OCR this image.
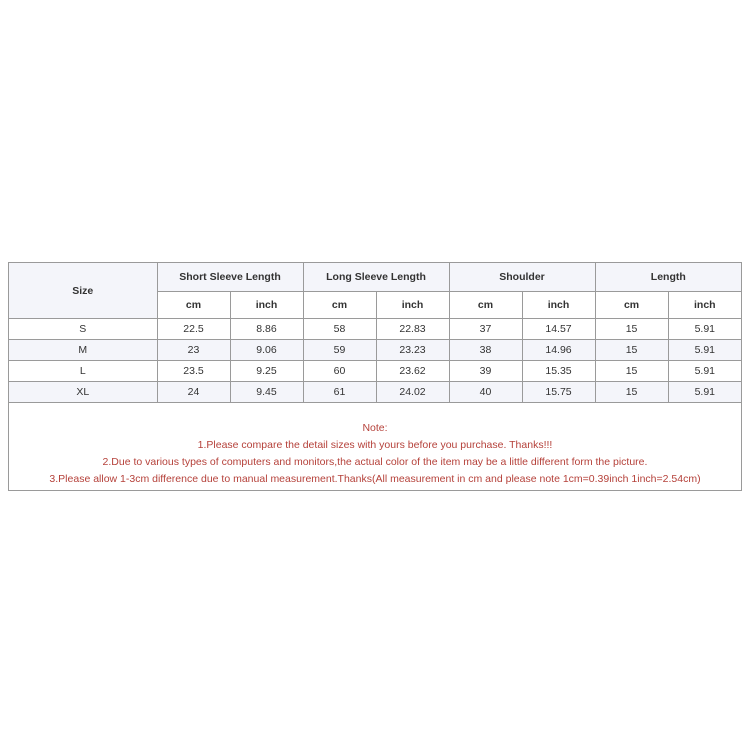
Size	Short Sleeve Length		Long Sleeve Length		Shoulder		Length	
	cm	inch	cm	inch	cm	inch	cm	inch
S	22.5	8.86	58	22.83	37	14.57	15	5.91
M	23	9.06	59	23.23	38	14.96	15	5.91
L	23.5	9.25	60	23.62	39	15.35	15	5.91
XL	24	9.45	61	24.02	40	15.75	15	5.91
Note:
1.Please compare the detail sizes with yours before you purchase. Thanks!!!
2.Due to various types of computers and monitors,the actual color of the item may be a little different form the picture.
3.Please allow 1-3cm difference due to manual measurement.Thanks(All measurement in cm and please note 1cm=0.39inch 1inch=2.54cm)
